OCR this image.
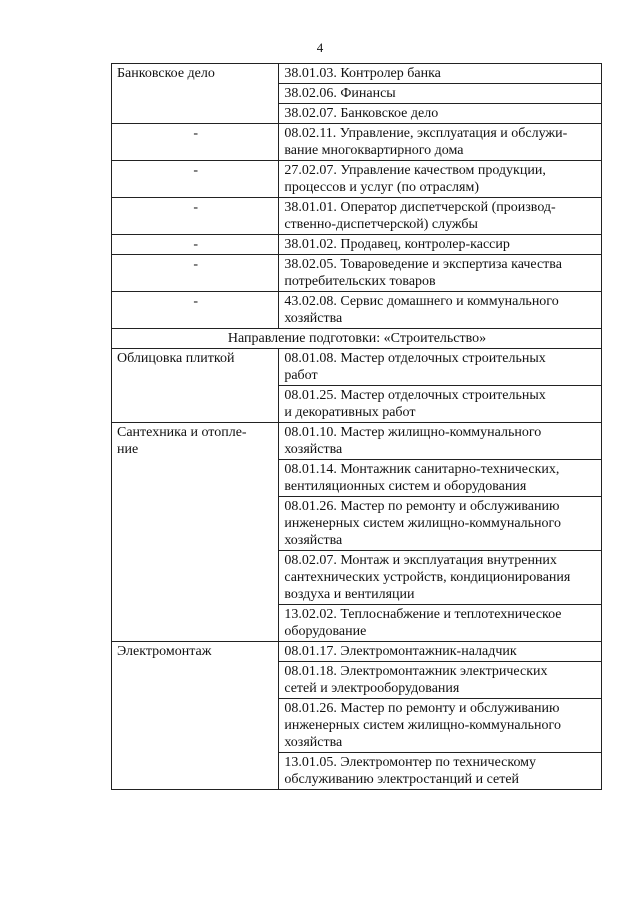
4
Банковское дело	38.01.03. Контролер банка
	38.02.06. Финансы
	38.02.07. Банковское дело
-	08.02.11. Управление, эксплуатация и обслужи-
вание многоквартирного дома
-	27.02.07. Управление качеством продукции,
процессов и услуг (по отраслям)
-	38.01.01. Оператор диспетчерской (производ-
ственно-диспетчерской) службы
-	38.01.02. Продавец, контролер-кассир
-	38.02.05. Товароведение и экспертиза качества
потребительских товаров
-	43.02.08. Сервис домашнего и коммунального
хозяйства
Направление подготовки: «Строительство»	
Облицовка плиткой	08.01.08. Мастер отделочных строительных
работ
	08.01.25. Мастер отделочных строительных
и декоративных работ
Сантехника и отопле-
ние	08.01.10. Мастер жилищно-коммунального
хозяйства
	08.01.14. Монтажник санитарно-технических,
вентиляционных систем и оборудования
	08.01.26. Мастер по ремонту и обслуживанию
инженерных систем жилищно-коммунального
хозяйства
	08.02.07. Монтаж и эксплуатация внутренних
сантехнических устройств, кондиционирования
воздуха и вентиляции
	13.02.02. Теплоснабжение и теплотехническое
оборудование
Электромонтаж	08.01.17. Электромонтажник-наладчик
	08.01.18. Электромонтажник электрических
сетей и электрооборудования
	08.01.26. Мастер по ремонту и обслуживанию
инженерных систем жилищно-коммунального
хозяйства
	13.01.05. Электромонтер по техническому
обслуживанию электростанций и сетей
